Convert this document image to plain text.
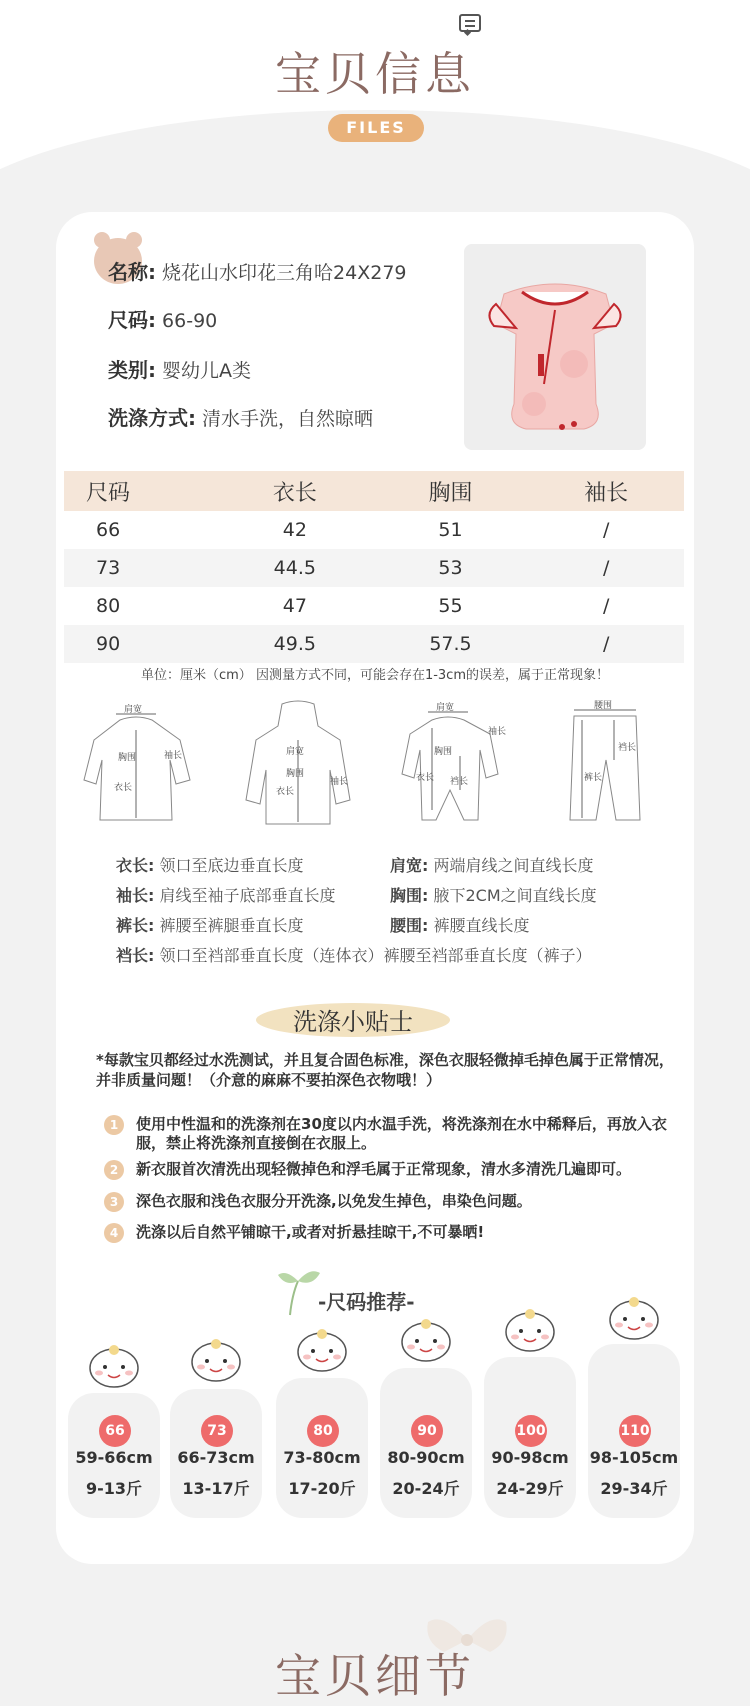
宝贝信息
FILES
名称: 烧花山水印花三角哈24X279
尺码: 66-90
类别: 婴幼儿A类
洗涤方式: 清水手洗，自然晾晒
尺码	衣长	胸围	袖长
66	42	51	/
73	44.5	53	/
80	47	55	/
90	49.5	57.5	/
单位：厘米（cm） 因测量方式不同，可能会存在1-3cm的误差，属于正常现象！
肩宽
胸围
衣长
袖长	肩宽
胸围
衣长
袖长
肩宽
胸围
衣长 裆长
袖长
腰围
裆长
裤长
衣长: 领口至底边垂直长度	肩宽: 两端肩线之间直线长度
袖长: 肩线至袖子底部垂直长度	胸围: 腋下2CM之间直线长度
裤长: 裤腰至裤腿垂直长度	腰围: 裤腰直线长度
裆长: 领口至裆部垂直长度（连体衣）裤腰至裆部垂直长度（裤子）
洗涤小贴士
*每款宝贝都经过水洗测试，并且复合固色标准，深色衣服轻微掉毛掉色属于正常情况，并非质量问题！（介意的麻麻不要拍深色衣物哦！）
1	使用中性温和的洗涤剂在30度以内水温手洗，将洗涤剂在水中稀释后，再放入衣服，禁止将洗涤剂直接倒在衣服上。
2	新衣服首次清洗出现轻微掉色和浮毛属于正常现象，清水多清洗几遍即可。
3	深色衣服和浅色衣服分开洗涤,以免发生掉色，串染色问题。
4	洗涤以后自然平铺晾干,或者对折悬挂晾干,不可暴晒!
-尺码推荐-
66
59-66cm
9-13斤
73
66-73cm
13-17斤
80
73-80cm
17-20斤
90
80-90cm
20-24斤
100
90-98cm
24-29斤
110
98-105cm
29-34斤
宝贝细节
